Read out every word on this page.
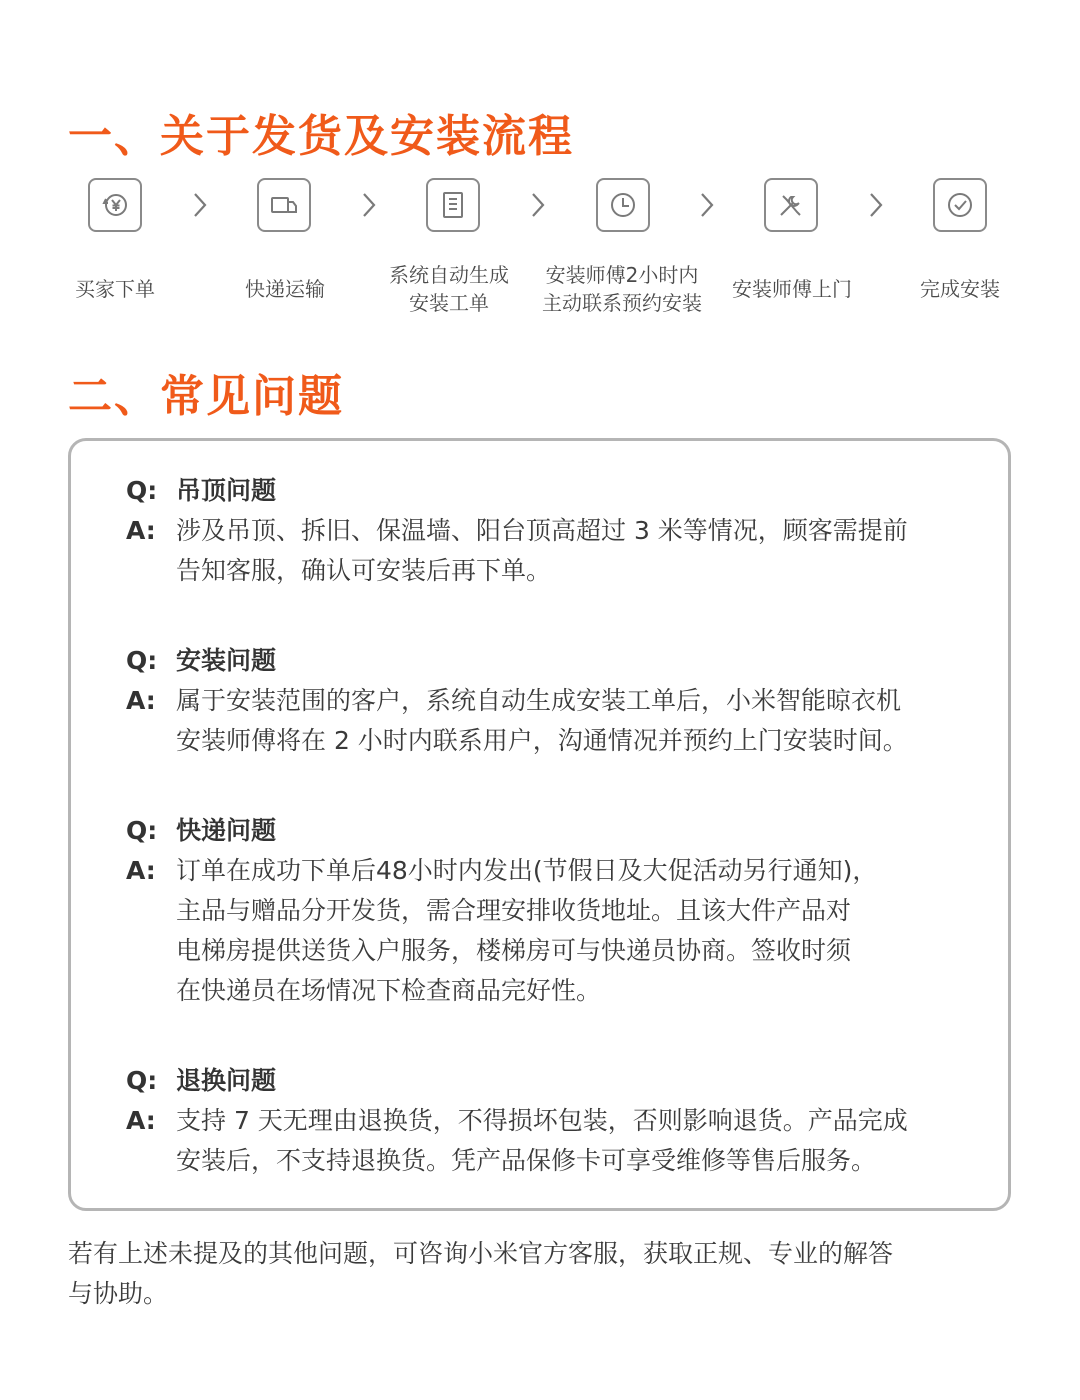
一、关于发货及安装流程
买家下单	快递运输
系统自动生成
安装工单
安装师傅2小时内
主动联系预约安装
安装师傅上门	完成安装
二、常见问题
Q: 吊顶问题
A: 涉及吊顶、拆旧、保温墙、阳台顶高超过 3 米等情况，顾客需提前
告知客服，确认可安装后再下单。
Q: 安装问题
A: 属于安装范围的客户，系统自动生成安装工单后，小米智能晾衣机
安装师傅将在 2 小时内联系用户，沟通情况并预约上门安装时间。
Q: 快递问题
A: 订单在成功下单后48小时内发出(节假日及大促活动另行通知)，
主品与赠品分开发货，需合理安排收货地址。且该大件产品对
电梯房提供送货入户服务，楼梯房可与快递员协商。签收时须
在快递员在场情况下检查商品完好性。
Q: 退换问题
A: 支持 7 天无理由退换货，不得损坏包装，否则影响退货。产品完成
安装后，不支持退换货。凭产品保修卡可享受维修等售后服务。
若有上述未提及的其他问题，可咨询小米官方客服，获取正规、专业的解答
与协助。
